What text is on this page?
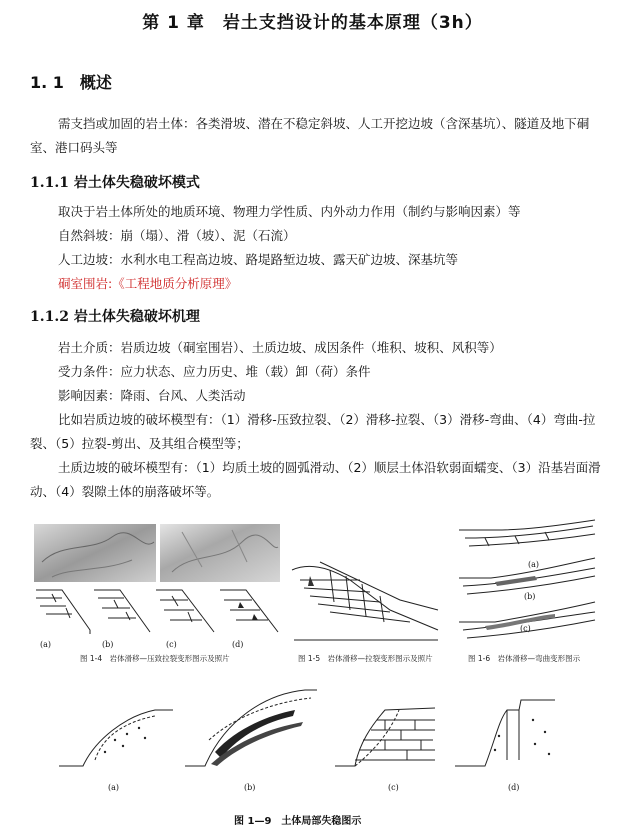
第 1 章　岩土支挡设计的基本原理（3h）
1. 1　概述
需支挡或加固的岩土体：各类滑坡、潜在不稳定斜坡、人工开挖边坡（含深基坑）、隧道及地下硐室、港口码头等
1.1.1 岩土体失稳破坏模式
取决于岩土体所处的地质环境、物理力学性质、内外动力作用（制约与影响因素）等
自然斜坡：崩（塌）、滑（坡）、泥（石流）
人工边坡：水利水电工程高边坡、路堤路堑边坡、露天矿边坡、深基坑等
硐室围岩:《工程地质分析原理》
1.1.2 岩土体失稳破坏机理
岩土介质：岩质边坡（硐室围岩）、土质边坡、成因条件（堆积、坡积、风积等）
受力条件：应力状态、应力历史、堆（载）卸（荷）条件
影响因素：降雨、台风、人类活动
比如岩质边坡的破坏模型有：（1）滑移-压致拉裂、（2）滑移-拉裂、（3）滑移-弯曲、（4）弯曲-拉裂、（5）拉裂-剪出、及其组合模型等；
土质边坡的破坏模型有：（1）均质土坡的圆弧滑动、（2）顺层土体沿软弱面蠕变、（3）沿基岩面滑动、（4）裂隙土体的崩落破坏等。
(a)	(b)	(c)	(d)
图 1-4　岩体滑移—压致拉裂变形图示及照片	图 1-5　岩体滑移—拉裂变形图示及照片
(a)
(b)
(c)
图 1-6　岩体滑移—弯曲变形图示
(a)	(b)	(c)	(d)
图 1—9　土体局部失稳图示
